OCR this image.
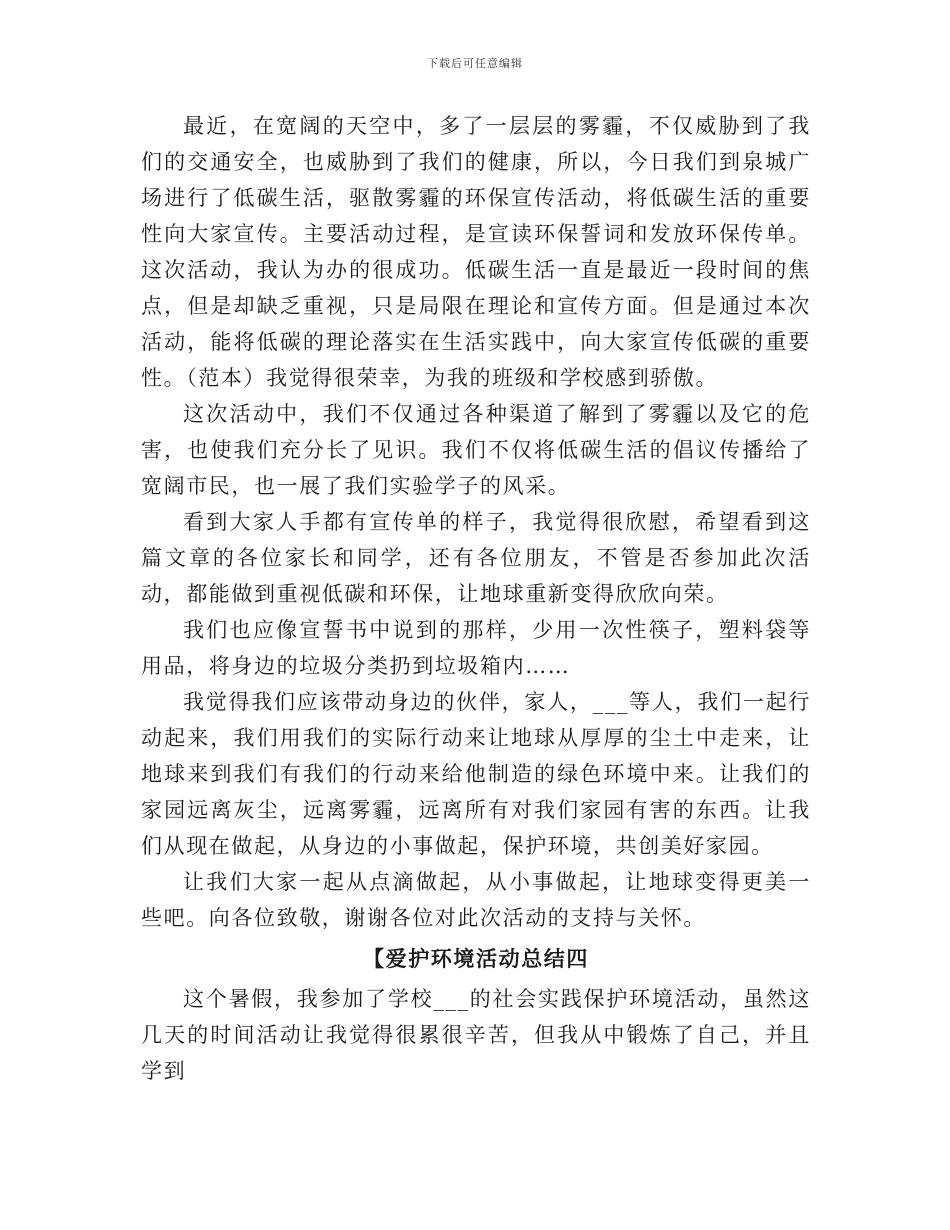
下载后可任意编辑

最近，在宽阔的天空中，多了一层层的雾霾，不仅威胁到了我们的交通安全，也威胁到了我们的健康，所以，今日我们到泉城广场进行了低碳生活，驱散雾霾的环保宣传活动，将低碳生活的重要性向大家宣传。主要活动过程，是宣读环保誓词和发放环保传单。这次活动，我认为办的很成功。低碳生活一直是最近一段时间的焦点，但是却缺乏重视，只是局限在理论和宣传方面。但是通过本次活动，能将低碳的理论落实在生活实践中，向大家宣传低碳的重要性。（范本）我觉得很荣幸，为我的班级和学校感到骄傲。

这次活动中，我们不仅通过各种渠道了解到了雾霾以及它的危害，也使我们充分长了见识。我们不仅将低碳生活的倡议传播给了宽阔市民，也一展了我们实验学子的风采。

看到大家人手都有宣传单的样子，我觉得很欣慰，希望看到这篇文章的各位家长和同学，还有各位朋友，不管是否参加此次活动，都能做到重视低碳和环保，让地球重新变得欣欣向荣。

我们也应像宣誓书中说到的那样，少用一次性筷子，塑料袋等用品，将身边的垃圾分类扔到垃圾箱内……

我觉得我们应该带动身边的伙伴，家人，___等人，我们一起行动起来，我们用我们的实际行动来让地球从厚厚的尘土中走来，让地球来到我们有我们的行动来给他制造的绿色环境中来。让我们的家园远离灰尘，远离雾霾，远离所有对我们家园有害的东西。让我们从现在做起，从身边的小事做起，保护环境，共创美好家园。

让我们大家一起从点滴做起，从小事做起，让地球变得更美一些吧。向各位致敬，谢谢各位对此次活动的支持与关怀。

【爱护环境活动总结四

这个暑假，我参加了学校___的社会实践保护环境活动，虽然这几天的时间活动让我觉得很累很辛苦，但我从中锻炼了自己，并且学到
